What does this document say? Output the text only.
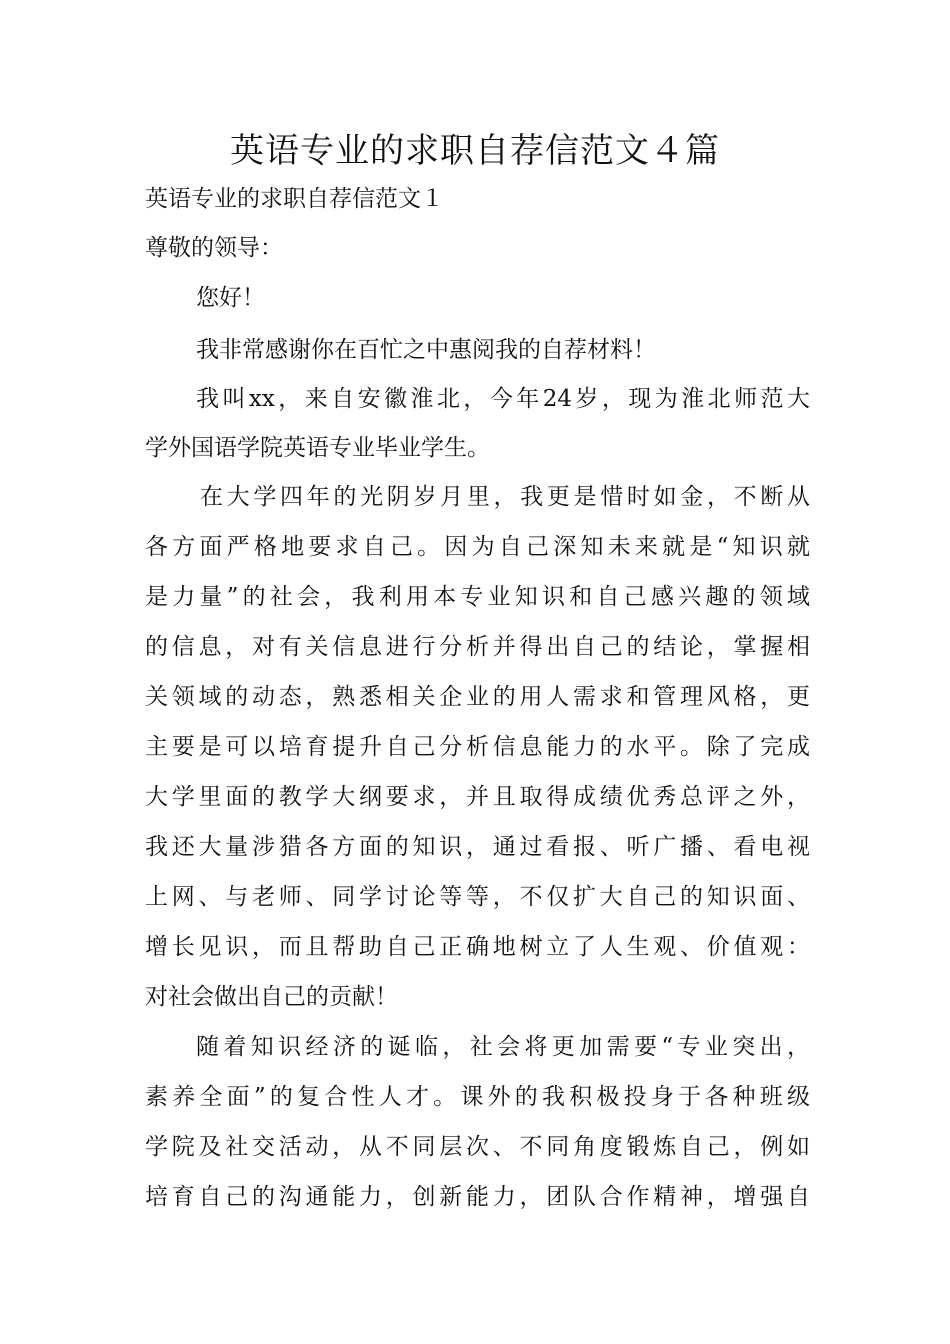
英语专业的求职自荐信范文４篇

英语专业的求职自荐信范文１

尊敬的领导：

您好！

我非常感谢你在百忙之中惠阅我的自荐材料！

我叫xx，来自安徽淮北，今年24岁，现为淮北师范大

学外国语学院英语专业毕业学生。

在大学四年的光阴岁月里，我更是惜时如金，不断从

各方面严格地要求自己。因为自己深知未来就是“知识就

是力量”的社会，我利用本专业知识和自己感兴趣的领域

的信息，对有关信息进行分析并得出自己的结论，掌握相

关领域的动态，熟悉相关企业的用人需求和管理风格，更

主要是可以培育提升自己分析信息能力的水平。除了完成

大学里面的教学大纲要求，并且取得成绩优秀总评之外，

我还大量涉猎各方面的知识，通过看报、听广播、看电视

上网、与老师、同学讨论等等，不仅扩大自己的知识面、

增长见识，而且帮助自己正确地树立了人生观、价值观：

对社会做出自己的贡献！

随着知识经济的诞临，社会将更加需要“专业突出，

素养全面”的复合性人才。课外的我积极投身于各种班级

学院及社交活动，从不同层次、不同角度锻炼自己，例如

培育自己的沟通能力，创新能力，团队合作精神，增强自
